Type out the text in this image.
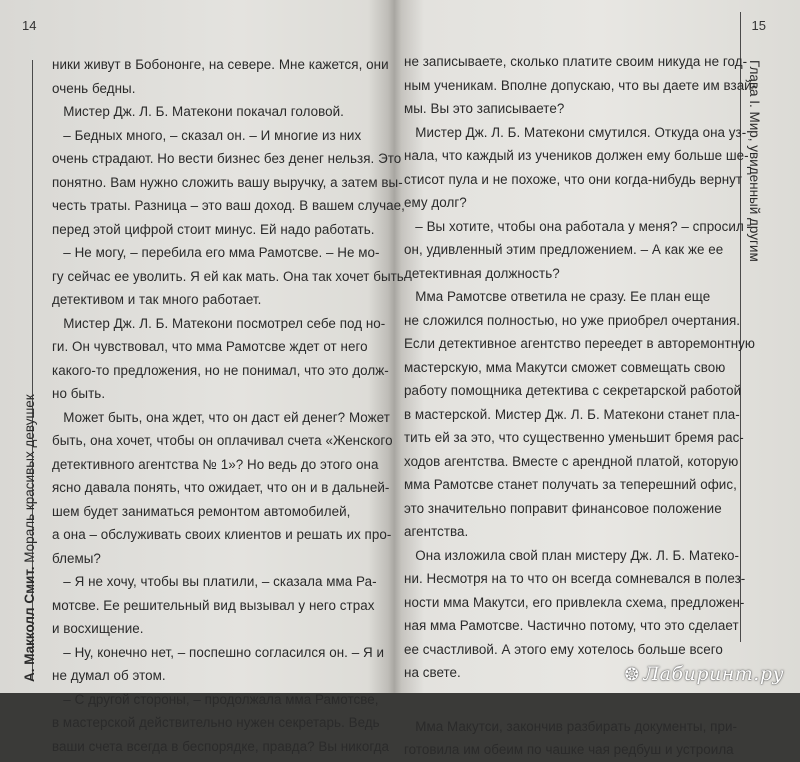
14
А. Макколл Смит. Мораль красивых девушек
ники живут в Бобононге, на севере. Мне кажется, они
очень бедны.
Мистер Дж. Л. Б. Матекони покачал головой.
– Бедных много, – сказал он. – И многие из них
очень страдают. Но вести бизнес без денег нельзя. Это
понятно. Вам нужно сложить вашу выручку, а затем вы-
честь траты. Разница – это ваш доход. В вашем случае,
перед этой цифрой стоит минус. Ей надо работать.
– Не могу, – перебила его мма Рамотсве. – Не мо-
гу сейчас ее уволить. Я ей как мать. Она так хочет быть
детективом и так много работает.
Мистер Дж. Л. Б. Матекони посмотрел себе под но-
ги. Он чувствовал, что мма Рамотсве ждет от него
какого-то предложения, но не понимал, что это долж-
но быть.
Может быть, она ждет, что он даст ей денег? Может
быть, она хочет, чтобы он оплачивал счета «Женского
детективного агентства № 1»? Но ведь до этого она
ясно давала понять, что ожидает, что он и в дальней-
шем будет заниматься ремонтом автомобилей,
а она – обслуживать своих клиентов и решать их про-
блемы?
– Я не хочу, чтобы вы платили, – сказала мма Ра-
мотсве. Ее решительный вид вызывал у него страх
и восхищение.
– Ну, конечно нет, – поспешно согласился он. – Я и
не думал об этом.
– С другой стороны, – продолжала мма Рамотсве,
в мастерской действительно нужен секретарь. Ведь
ваши счета всегда в беспорядке, правда? Вы никогда
15
Глава I. Мир, увиденный другим
не записываете, сколько платите своим никуда не год-
ным ученикам. Вполне допускаю, что вы даете им взай-
мы. Вы это записываете?
Мистер Дж. Л. Б. Матекони смутился. Откуда она уз-
нала, что каждый из учеников должен ему больше ше-
стисот пула и не похоже, что они когда-нибудь вернут
ему долг?
– Вы хотите, чтобы она работала у меня? – спросил
он, удивленный этим предложением. – А как же ее
детективная должность?
Мма Рамотсве ответила не сразу. Ее план еще
не сложился полностью, но уже приобрел очертания.
Если детективное агентство переедет в авторемонтную
мастерскую, мма Макутси сможет совмещать свою
работу помощника детектива с секретарской работой
в мастерской. Мистер Дж. Л. Б. Матекони станет пла-
тить ей за это, что существенно уменьшит бремя рас-
ходов агентства. Вместе с арендной платой, которую
мма Рамотсве станет получать за теперешний офис,
это значительно поправит финансовое положение
агентства.
Она изложила свой план мистеру Дж. Л. Б. Матеко-
ни. Несмотря на то что он всегда сомневался в полез-
ности мма Макутси, его привлекла схема, предложен-
ная мма Рамотсве. Частично потому, что это сделает
ее счастливой. А этого ему хотелось больше всего
на свете.
Мма Макутси, закончив разбирать документы, при-
готовила им обеим по чашке чая редбуш и устроила
❂ Лабиринт.ру
